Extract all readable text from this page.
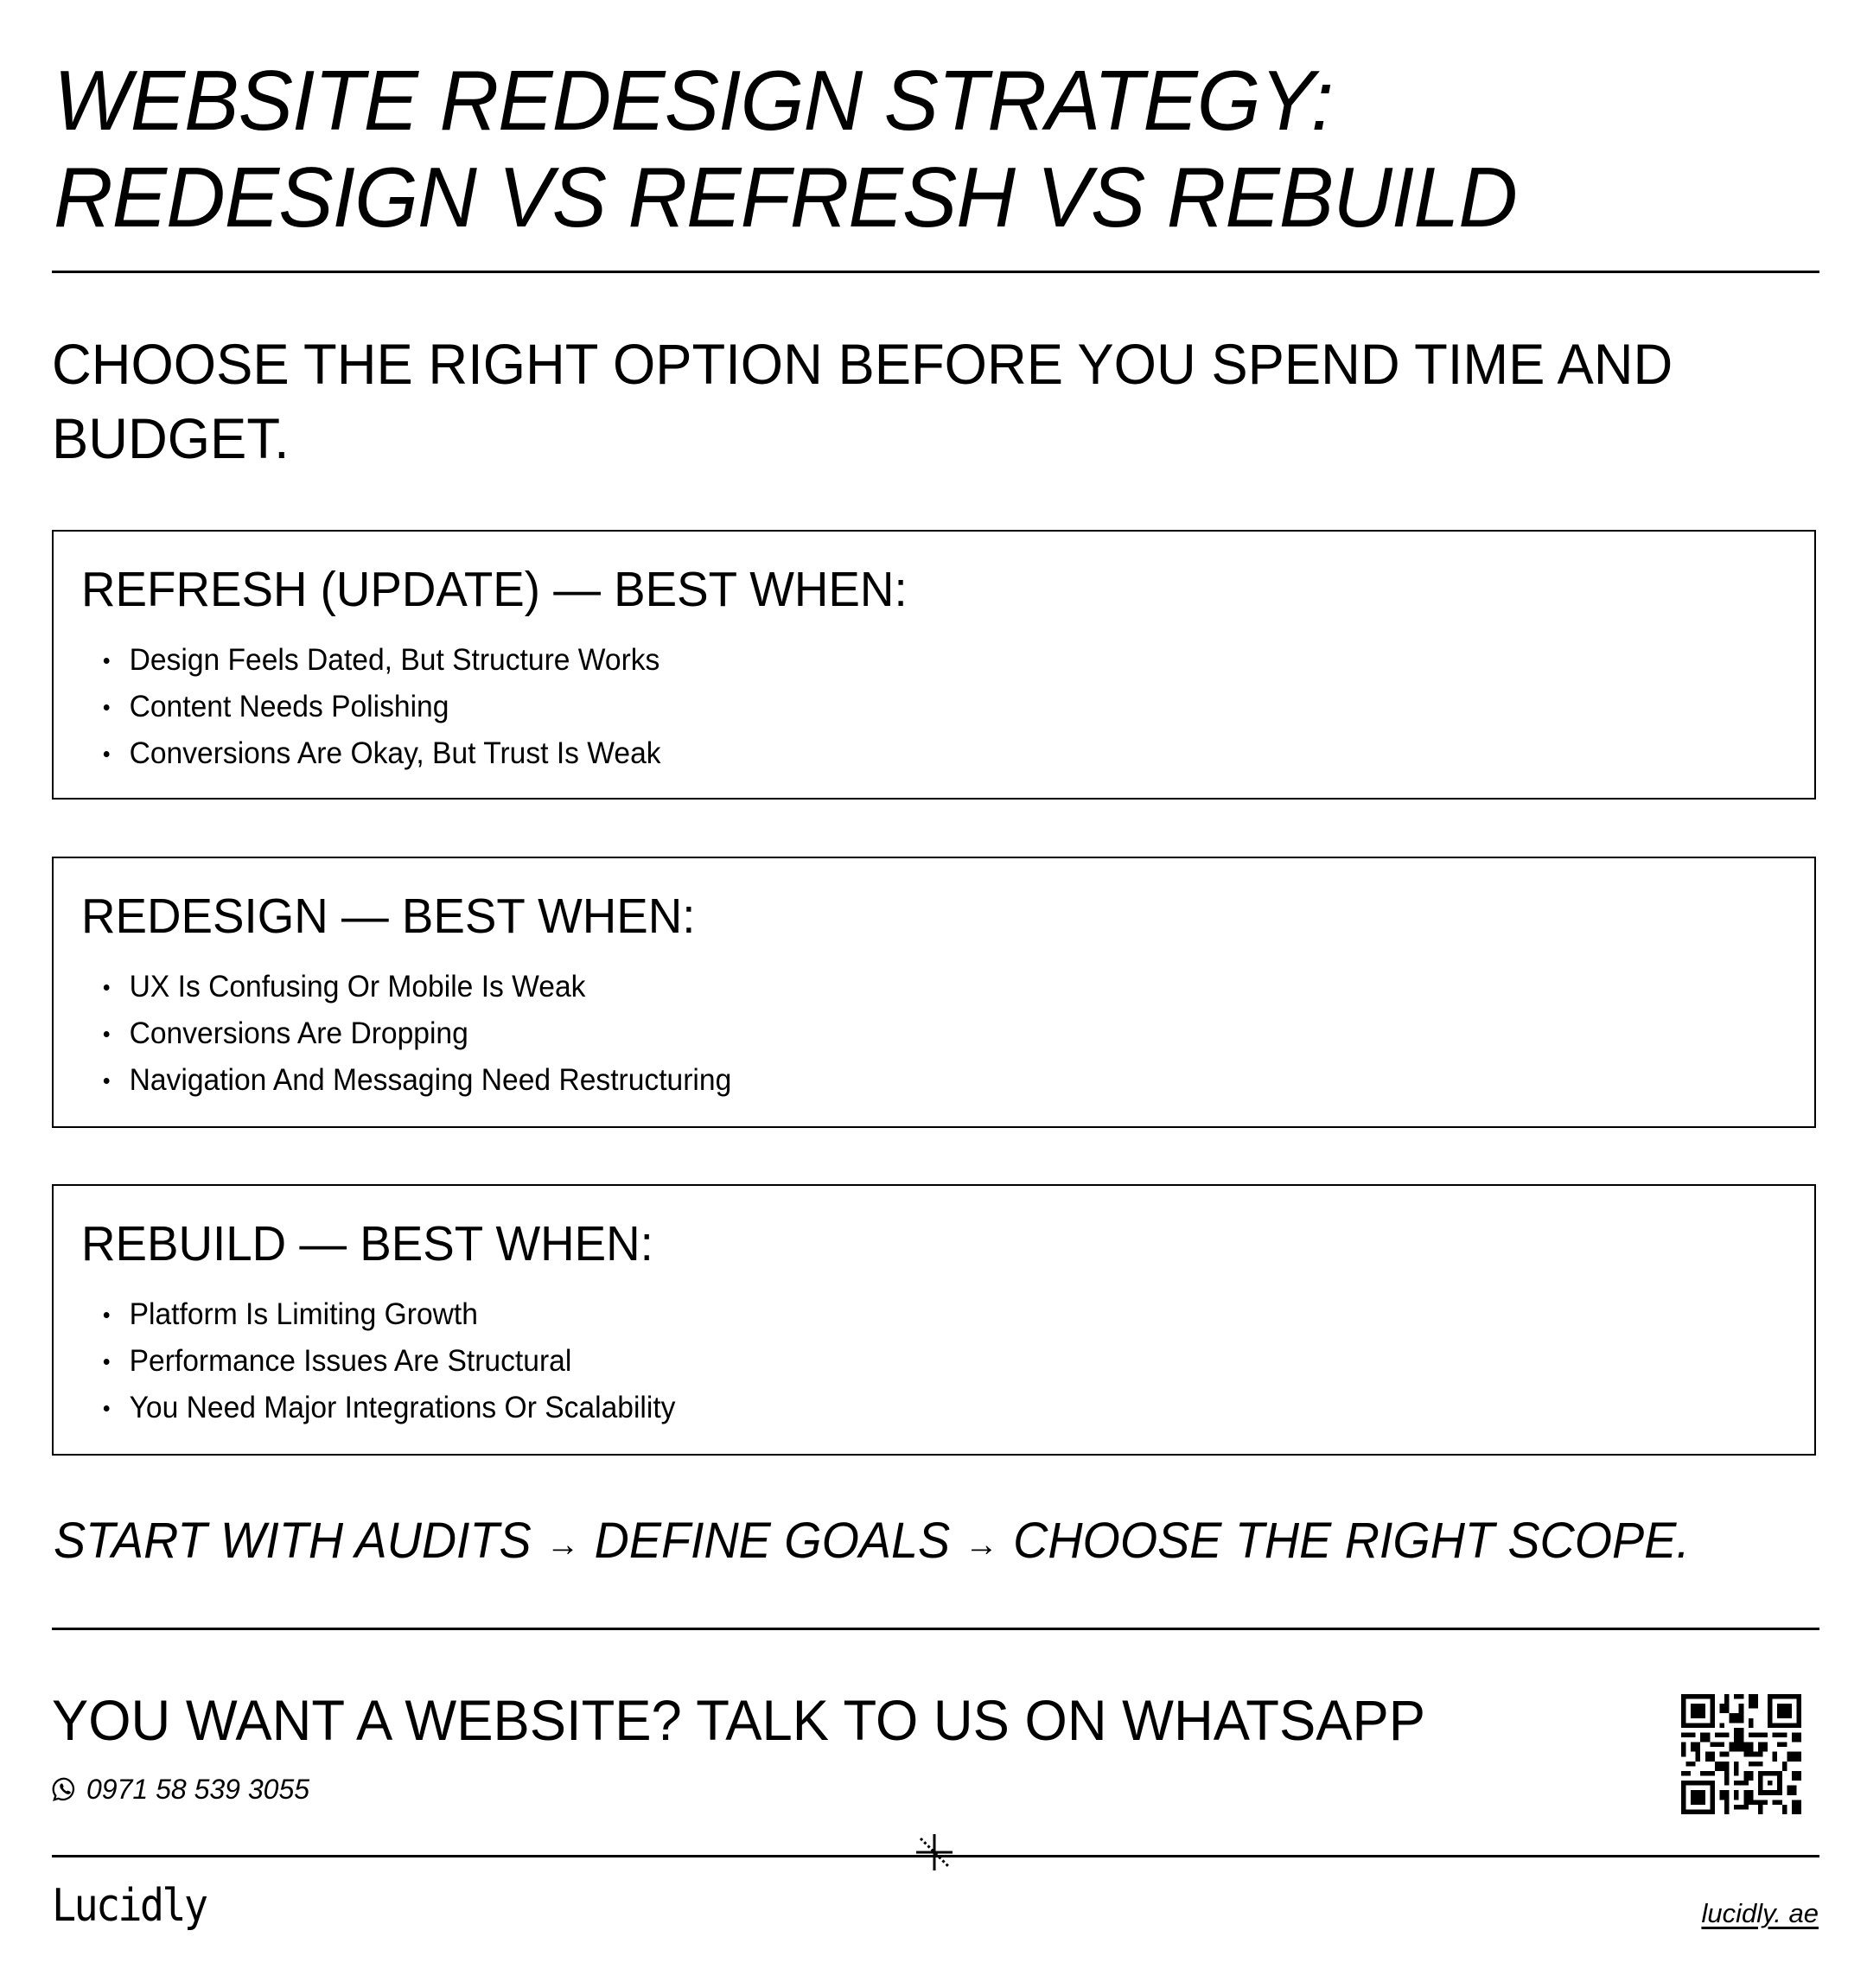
WEBSITE REDESIGN STRATEGY:
REDESIGN VS REFRESH VS REBUILD
CHOOSE THE RIGHT OPTION BEFORE YOU SPEND TIME AND
BUDGET.
REFRESH (UPDATE) — BEST WHEN:
Design Feels Dated, But Structure Works
Content Needs Polishing
Conversions Are Okay, But Trust Is Weak
REDESIGN — BEST WHEN:
UX Is Confusing Or Mobile Is Weak
Conversions Are Dropping
Navigation And Messaging Need Restructuring
REBUILD — BEST WHEN:
Platform Is Limiting Growth
Performance Issues Are Structural
You Need Major Integrations Or Scalability
START WITH AUDITS → DEFINE GOALS → CHOOSE THE RIGHT SCOPE.
YOU WANT A WEBSITE? TALK TO US ON WHATSAPP
0971 58 539 3055
Lucidly	lucidly. ae
